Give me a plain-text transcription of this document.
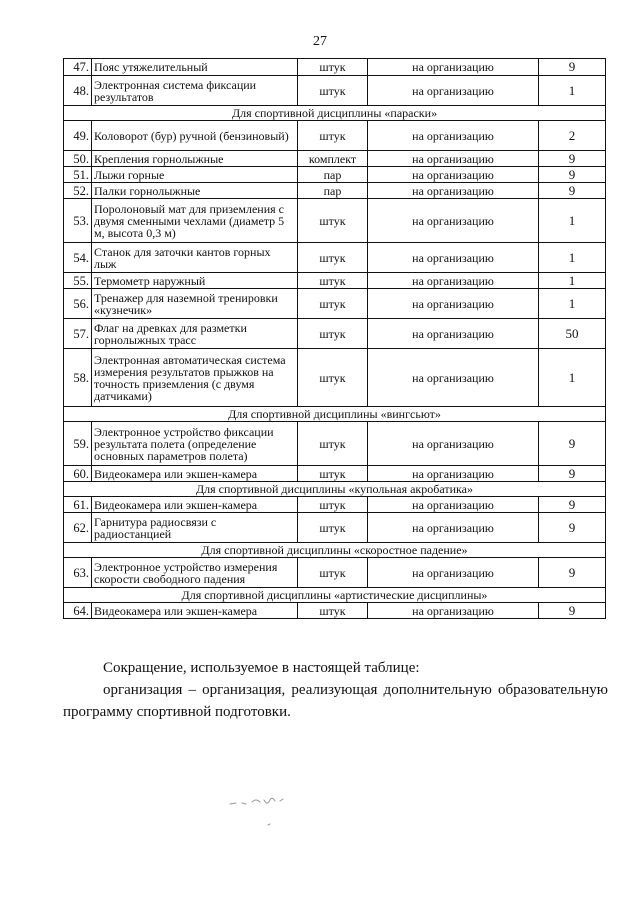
27
47.	Пояс утяжелительный	штук	на организацию	9
48.	Электронная система фиксации результатов	штук	на организацию	1
Для спортивной дисциплины «параски»				
49.	Коловорот (бур) ручной (бензиновый)	штук	на организацию	2
50.	Крепления горнолыжные	комплект	на организацию	9
51.	Лыжи горные	пар	на организацию	9
52.	Палки горнолыжные	пар	на организацию	9
53.	Поролоновый мат для приземления с двумя сменными чехлами (диаметр 5 м, высота 0,3 м)	штук	на организацию	1
54.	Станок для заточки кантов горных лыж	штук	на организацию	1
55.	Термометр наружный	штук	на организацию	1
56.	Тренажер для наземной тренировки «кузнечик»	штук	на организацию	1
57.	Флаг на древках для разметки горнолыжных трасс	штук	на организацию	50
58.	Электронная автоматическая система измерения результатов прыжков на точность приземления (с двумя датчиками)	штук	на организацию	1
Для спортивной дисциплины «вингсьют»				
59.	Электронное устройство фиксации результата полета (определение основных параметров полета)	штук	на организацию	9
60.	Видеокамера или экшен-камера	штук	на организацию	9
Для спортивной дисциплины «купольная акробатика»				
61.	Видеокамера или экшен-камера	штук	на организацию	9
62.	Гарнитура радиосвязи с радиостанцией	штук	на организацию	9
Для спортивной дисциплины «скоростное падение»				
63.	Электронное устройство измерения скорости свободного падения	штук	на организацию	9
Для спортивной дисциплины «артистические дисциплины»				
64.	Видеокамера или экшен-камера	штук	на организацию	9

Сокращение, используемое в настоящей таблице:

организация – организация, реализующая дополнительную образовательную программу спортивной подготовки.
